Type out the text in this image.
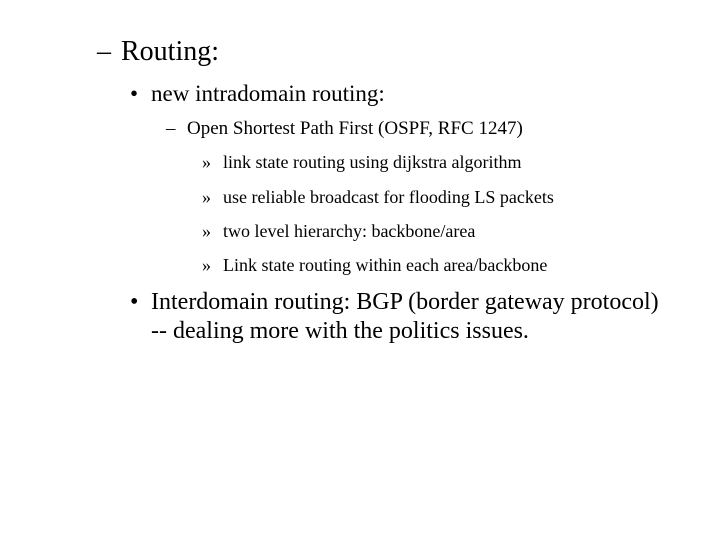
– Routing:
• new intradomain routing:
– Open Shortest Path First (OSPF, RFC 1247)
» link state routing using dijkstra algorithm
» use reliable broadcast for flooding LS packets
» two level hierarchy: backbone/area
» Link state routing within each area/backbone
• Interdomain routing: BGP (border gateway protocol)
-- dealing more with the politics issues.
